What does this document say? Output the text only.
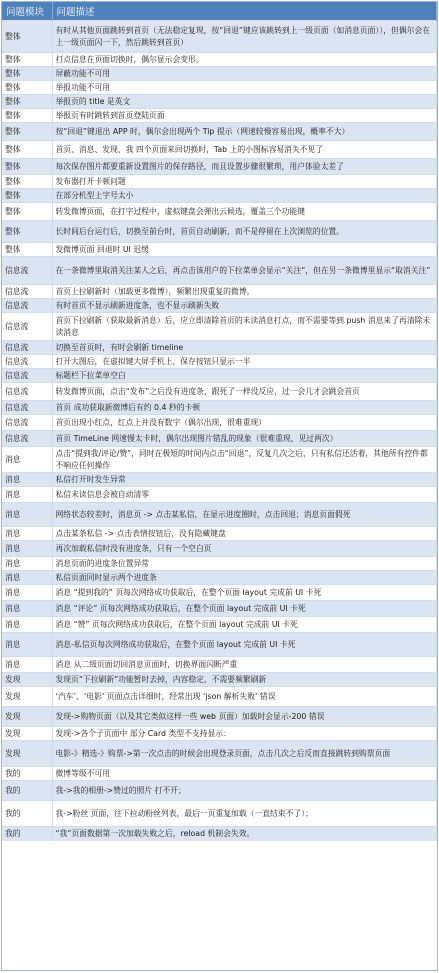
问题模块	问题描述
整体	有时从其他页面跳转到首页（无法稳定复现，按“回退”键应该跳转到上一级页面（如消息页面）），但偶尔会在上一级页面闪一下，然后跳转到首页）
整体	打点信息在页面切换时，偶尔显示会变形。
整体	屏蔽功能不可用
整体	举报功能不可用
整体	举报页的 title 是英文
整体	举报页有时跳转到首页登陆页面
整体	按“回退”键退出 APP 时，偶尔会出现两个 Tip 提示（网速较慢容易出现，概率不大）
整体	首页、消息、发现、我 四个页面来回切换时，Tab 上的小图标容易消失不见了
整体	每次保存图片都要重新设置图片的保存路径，而且设置步骤很繁琐，用户体验太差了
整体	发布器打开卡顿问题
整体	在部分机型上字号太小
整体	转发微博页面，在打字过程中，虚拟键盘会弹出云候选，覆盖三个功能键
整体	长时间后台运行后，切换至前台时，首页自动刷新，而不是停留在上次浏览的位置。
整体	发微博页面 回退时 UI 迟缓
信息流	在一条微博里取消关注某人之后，再点击该用户的下拉菜单会显示“关注”，但在另一条微博里显示“取消关注”
信息流	首页上拉刷新时（加载更多微博），频繁出现重复的微博。
信息流	有时首页不显示刷新进度条，也不显示刷新失败
信息流	首页下拉刷新（获取最新消息）后，应立即清除首页的未读消息打点，而不需要等到 push 消息来了再清除未读消息
信息流	切换至首页时，有时会刷新 timeline
信息流	打开大图后，在虚拟键大屏手机上，保存按钮只显示一半
信息流	标题栏下拉菜单空白
信息流	转发微博页面，点击“发布”之后没有进度条，跟死了一样没反应，过一会儿才会跳会首页
信息流	首页 成功获取新微博后有约 0.4 秒的卡顿
信息流	首页出现小红点，红点上并没有数字（偶尔出现，很难重现）
信息流	首页 TimeLine 网速慢太卡时，偶尔出现图片错乱的现象（很难重现，见过两次）
消息	点击“提到我/评论/赞”，同时在极短的时间内点击“回退”，反复几次之后，只有私信还活着，其他所有控件都不响应任何操作
消息	私信打开时发生异常
消息	私信未读信息会被自动清零
消息	网络状态较差时，消息页 -> 点击某私信，在显示进度圈时，点击回退；消息页面假死
消息	点击某条私信 -> 点击表情按钮后，没有隐藏键盘
消息	再次加载私信时没有进度条，只有一个空白页
消息	消息页面的进度条位置异常
消息	私信页面同时显示两个进度条
消息	消息 “提到我的” 页每次网络成功获取后，在整个页面 layout 完成前 UI 卡死
消息	消息 “评论” 页每次网络成功获取后，在整个页面 layout 完成前 UI 卡死
消息	消息 “赞” 页每次网络成功获取后，在整个页面 layout 完成前 UI 卡死
消息	消息-私信页每次网络成功获取后，在整个页面 layout 完成前 UI 卡死
消息	消息 从二级页面切回消息页面时，切换界面闪断严重
发现	发现页“下拉刷新”功能暂时去掉，内容稳定，不需要频繁刷新
发现	‘汽车’、‘电影’ 页面点击详细时，经常出现 ‘json 解析失败’ 错误
发现	发现->购物页面（以及其它类似这样一些 web 页面）加载时会显示-200 错误
发现	发现->各个子页面中 部分 Card 类型不支持显示：
发现	电影-》精选-》购票->第一次点击的时候会出现登录页面，点击几次之后反而直接跳转到购票页面
我的	微博等级不可用
我的	我->我的相册->赞过的照片 打不开；
我的	我->粉丝 页面，往下拉动粉丝列表，最后一页重复加载（一直结束不了）；
我的	“我”页面数据第一次加载失败之后，reload 机制会失效。
